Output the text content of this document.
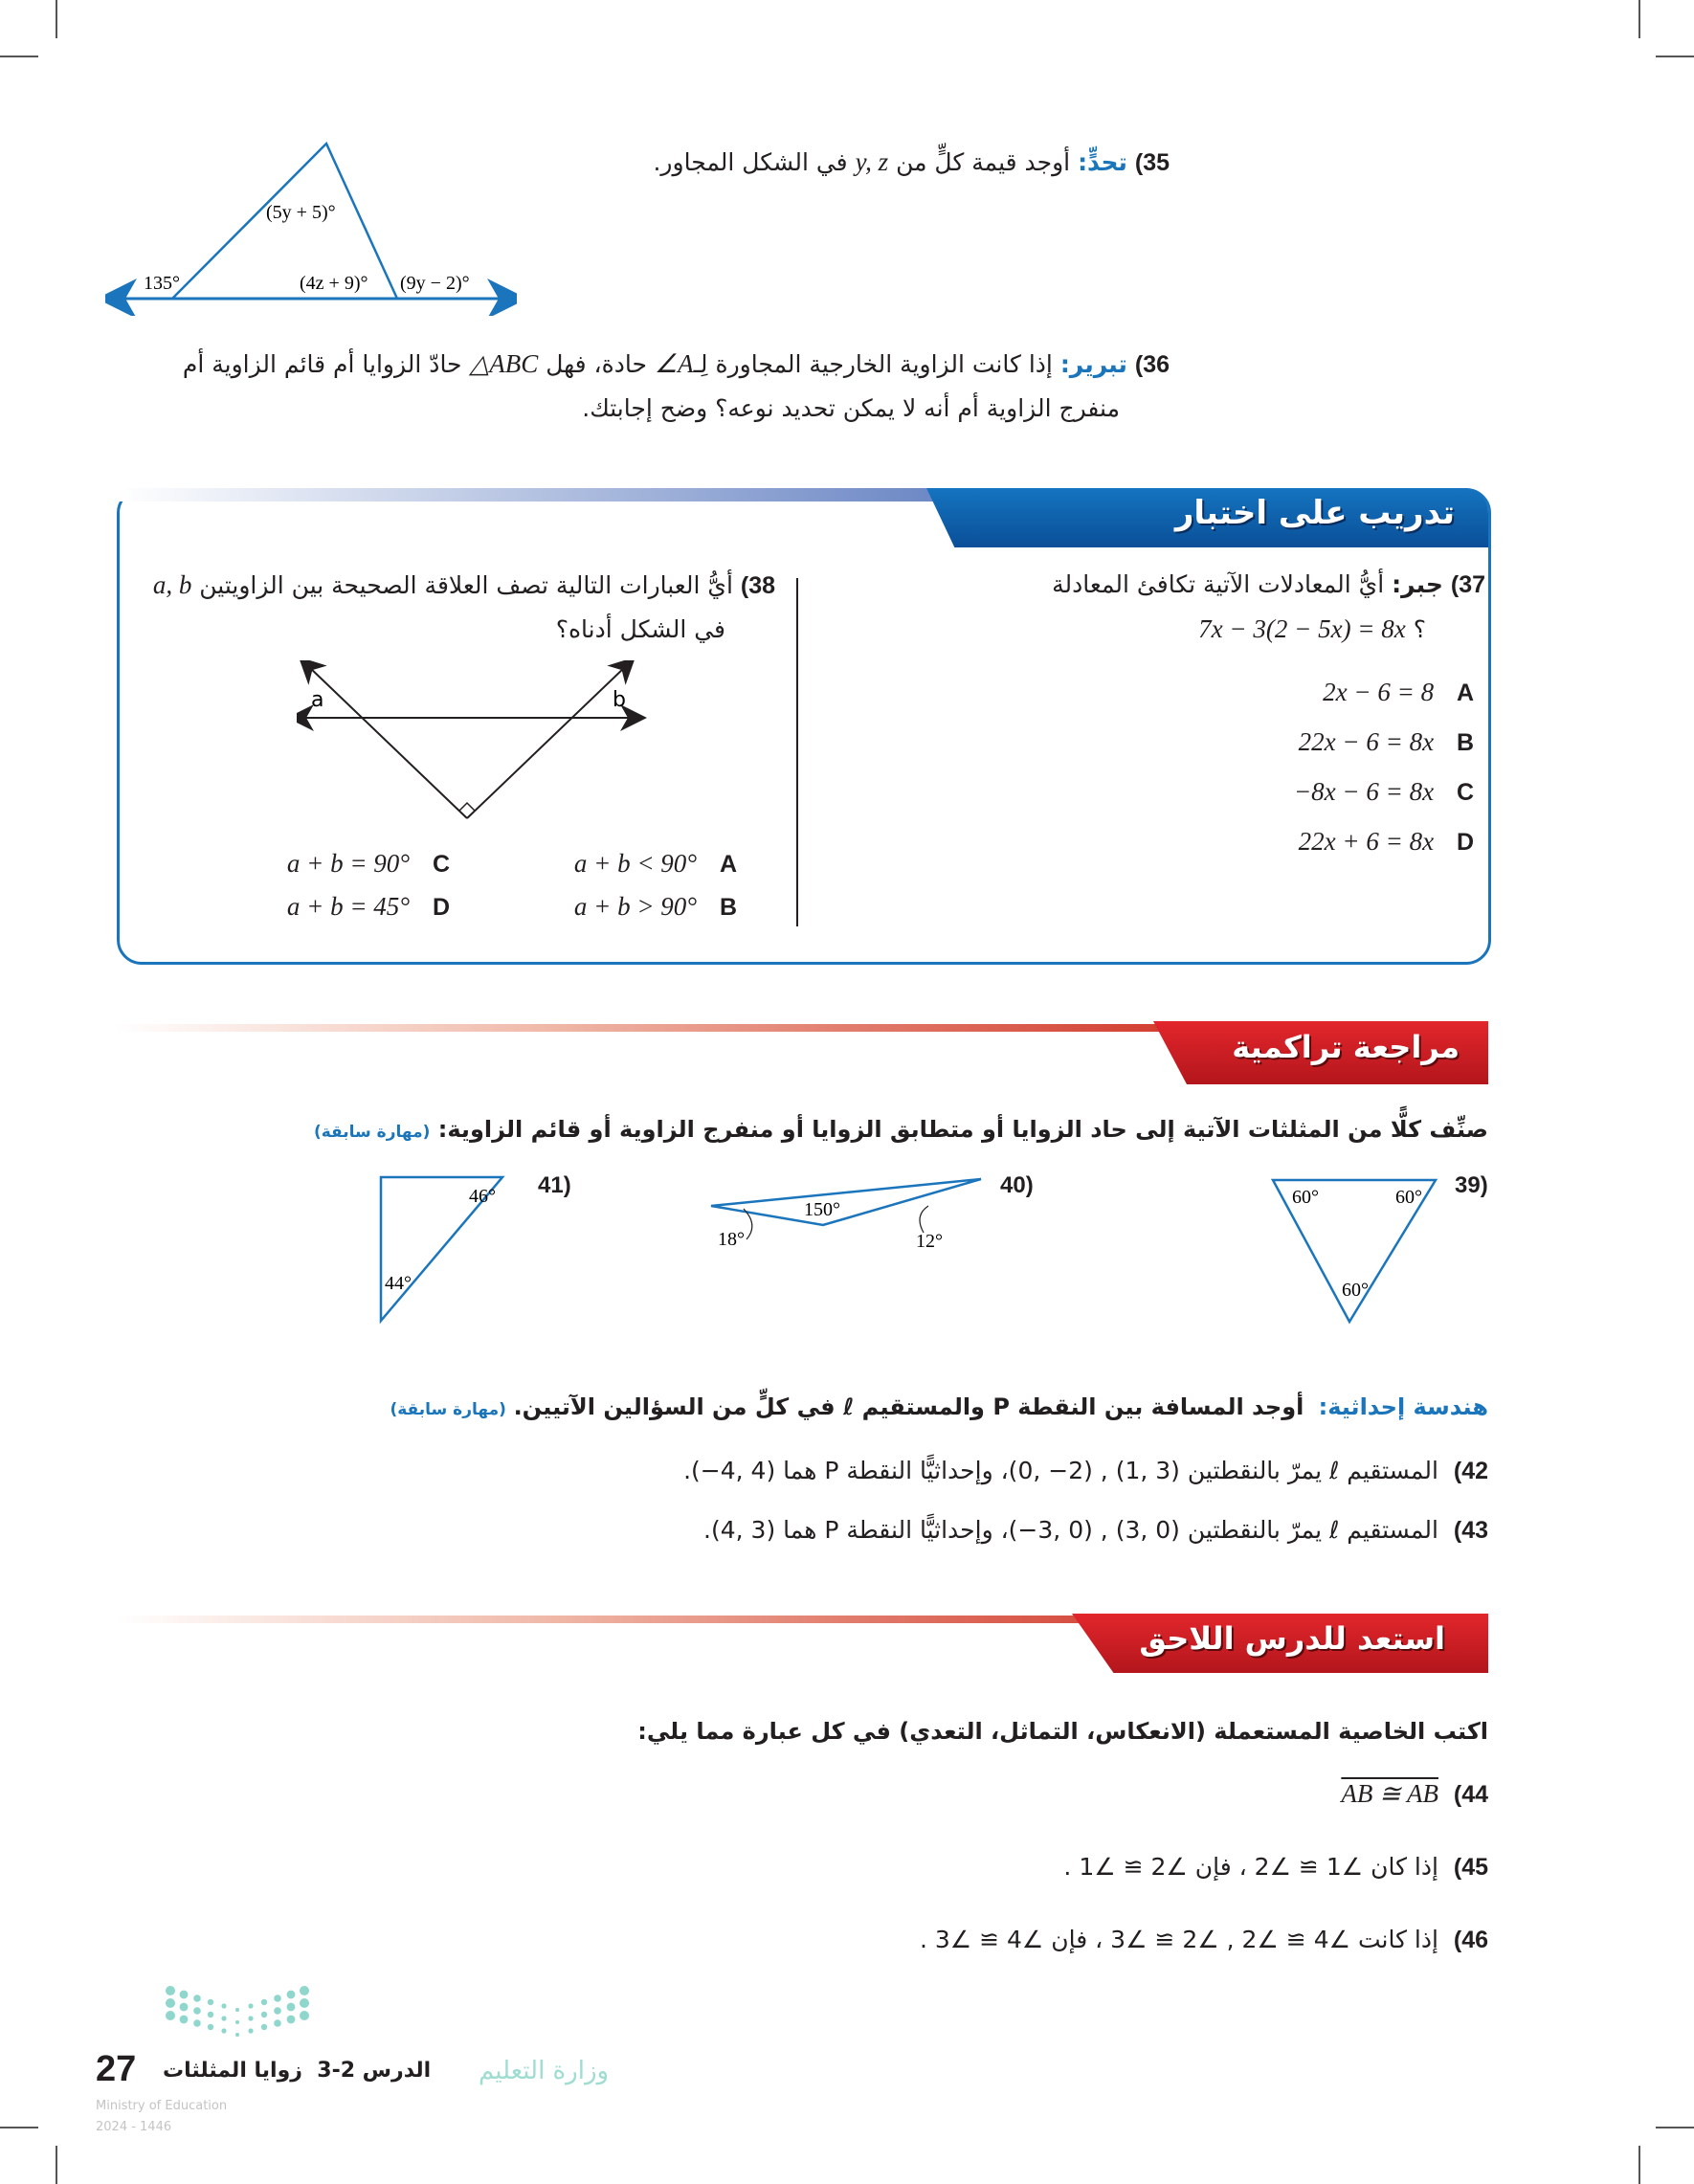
35) تحدٍّ: أوجد قيمة كلٍّ من y, z في الشكل المجاور.
135°
(5y + 5)°
(4z + 9)° (9y − 2)°
36) تبرير: إذا كانت الزاوية الخارجية المجاورة لِـ∠A حادة، فهل △ABC حادّ الزوايا أم قائم الزاوية أم
منفرج الزاوية أم أنه لا يمكن تحديد نوعه؟ وضح إجابتك.
تدريب على اختبار
37) جبر: أيُّ المعادلات الآتية تكافئ المعادلة
؟ 7x − 3(2 − 5x) = 8x
A   2x − 6 = 8
B   22x − 6 = 8x
C   −8x − 6 = 8x
D   22x + 6 = 8x
38) أيُّ العبارات التالية تصف العلاقة الصحيحة بين الزاويتين a, b
في الشكل أدناه؟
a	b
A   a + b < 90°
B   a + b > 90°
C   a + b = 90°
D   a + b = 45°
مراجعة تراكمية
صنِّف كلًّا من المثلثات الآتية إلى حاد الزوايا أو متطابق الزوايا أو منفرج الزاوية أو قائم الزاوية: (مهارة سابقة)
39)
60°	60°
60°
40)
150°
18°	12°
41)
46°
44°
هندسة إحداثية:  أوجد المسافة بين النقطة P والمستقيم ℓ في كلٍّ من السؤالين الآتيين. (مهارة سابقة)
42)  المستقيم ℓ يمرّ بالنقطتين (3 ,1) , (2− ,0)، وإحداثيًّا النقطة P هما (4 ,4−).
43)  المستقيم ℓ يمرّ بالنقطتين (0 ,3) , (0 ,3−)، وإحداثيًّا النقطة P هما (3 ,4).
استعد للدرس اللاحق
اكتب الخاصية المستعملة (الانعكاس، التماثل، التعدي) في كل عبارة مما يلي:
44)  AB ≅ AB
45)  إذا كان ∠1 ≅ ∠2 ، فإن ∠2 ≅ ∠1 .
46)  إذا كانت ∠4 ≅ ∠2 , ∠2 ≅ ∠3 ، فإن ∠4 ≅ ∠3 .
27	الدرس 2-3  زوايا المثلثات	وزارة التعليم
Ministry of Education
2024 - 1446
